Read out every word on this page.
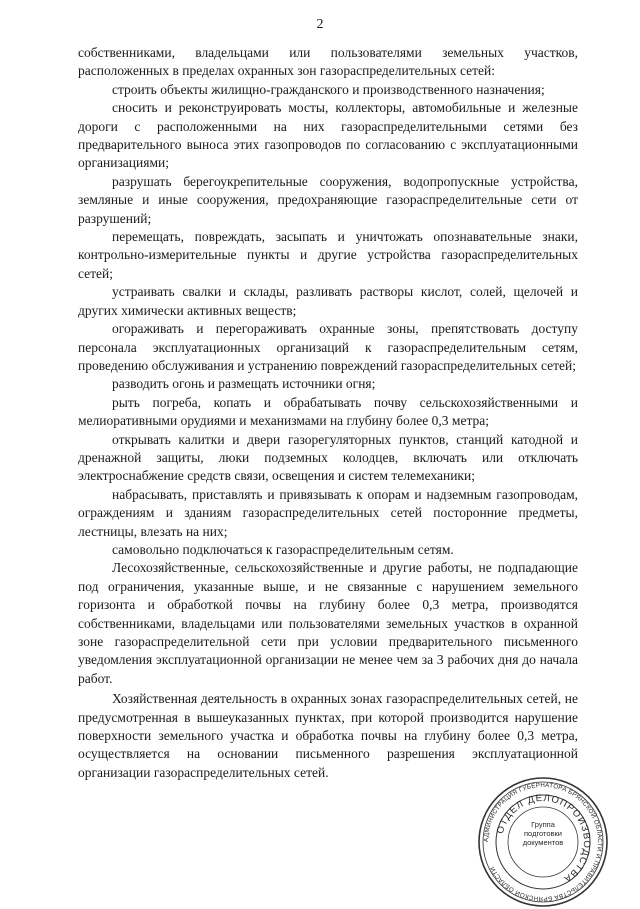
2

собственниками, владельцами или пользователями земельных участков, расположенных в пределах охранных зон газораспределительных сетей:

строить объекты жилищно-гражданского и производственного назначения;

сносить и реконструировать мосты, коллекторы, автомобильные и железные дороги с расположенными на них газораспределительными сетями без предварительного выноса этих газопроводов по согласованию с эксплуатационными организациями;

разрушать берегоукрепительные сооружения, водопропускные устройства, земляные и иные сооружения, предохраняющие газораспределительные сети от разрушений;

перемещать, повреждать, засыпать и уничтожать опознавательные знаки, контрольно-измерительные пункты и другие устройства газораспределительных сетей;

устраивать свалки и склады, разливать растворы кислот, солей, щелочей и других химически активных веществ;

огораживать и перегораживать охранные зоны, препятствовать доступу персонала эксплуатационных организаций к газораспределительным сетям, проведению обслуживания и устранению повреждений газораспределительных сетей;

разводить огонь и размещать источники огня;

рыть погреба, копать и обрабатывать почву сельскохозяйственными и мелиоративными орудиями и механизмами на глубину более 0,3 метра;

открывать калитки и двери газорегуляторных пунктов, станций катодной и дренажной защиты, люки подземных колодцев, включать или отключать электроснабжение средств связи, освещения и систем телемеханики;

набрасывать, приставлять и привязывать к опорам и надземным газопроводам, ограждениям и зданиям газораспределительных сетей посторонние предметы, лестницы, влезать на них;

самовольно подключаться к газораспределительным сетям.

Лесохозяйственные, сельскохозяйственные и другие работы, не подпадающие под ограничения, указанные выше, и не связанные с нарушением земельного горизонта и обработкой почвы на глубину более 0,3 метра, производятся собственниками, владельцами или пользователями земельных участков в охранной зоне газораспределительной сети при условии предварительного письменного уведомления эксплуатационной организации не менее чем за 3 рабочих дня до начала работ.

Хозяйственная деятельность в охранных зонах газораспределительных сетей, не предусмотренная в вышеуказанных пунктах, при которой производится нарушение поверхности земельного участка и обработка почвы на глубину более 0,3 метра, осуществляется на основании письменного разрешения эксплуатационной организации газораспределительных сетей.

АДМИНИСТРАЦИЯ ГУБЕРНАТОРА БРЯНСКОЙ ОБЛАСТИ И ПРАВИТЕЛЬСТВА БРЯНСКОЙ ОБЛАСТИ
ОТДЕЛ ДЕЛОПРОИЗВОДСТВА
Группа
подготовки
документов
